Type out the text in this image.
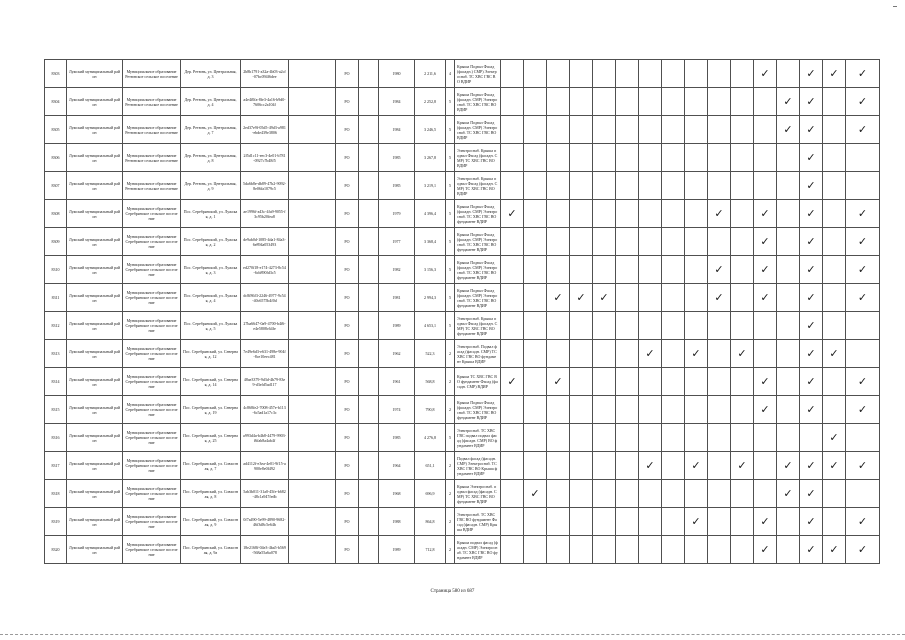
8303	Лужский муниципальный район	Муниципальное образование Ретюнское сельское поселение	Дер. Ретюнь, ул. Центральная, д. 3	2b8b1791-a32a-4b03-a2cf-07bc094f6dee		РО		1980	2 211,6	4	Крыша Подвал Фасад (фасадн.) СМР) Электроснаб. ТС ХВС ГВС ВО ВДИР												✓		✓	✓	✓
8304	Лужский муниципальный район	Муниципальное образование Ретюнское сельское поселение	Дер. Ретюнь, ул. Центральная, д. 4	a4e4f0fa-8fe3-4a16-b9d0-7606cc2a104f		РО		1984	2 252,8	5	Крыша Подвал Фасад (фасадн. СМР) Электроснаб. ТС ХВС ГВС ВО ВДИР													✓	✓		✓
8305	Лужский муниципальный район	Муниципальное образование Ретюнское сельское поселение	Дер. Ретюнь, ул. Центральная, д. 7	2ed37e9f-05d5-49d3-a981-ebde439e3806		РО		1984	3 246,5	5	Крыша Подвал Фасад (фасадн. СМР) Электроснаб. ТС ХВС ГВС ВО ВДИР													✓	✓		✓
8306	Лужский муниципальный район	Муниципальное образование Ретюнское сельское поселение	Дер. Ретюнь, ул. Центральная, д. 8	2f5d1c11-eec3-4e01-b781-0927c7b48f5		РО		1985	3 267,8	5	Электроснаб. Крыша подвал Фасад (фасадн. СМР) ТС ХВС ГВС ВО ВДИР														✓		
8307	Лужский муниципальный район	Муниципальное образование Ретюнское сельское поселение	Дер. Ретюнь, ул. Центральная, д. 9	5da6b8e-db89-47b2-9092-8e06fa1079c5		РО		1985	3 219,1	5	Электроснаб. Крыша подвал Фасад (фасадн. СМР) ТС ХВС ГВС ВО ВДИР														✓		
8308	Лужский муниципальный район	Муниципальное образование Серебрянское сельское поселение	Пос. Серебрянский, ул. Лужская, д. 1	ae1996f-a43c-4fa9-9055-f3c95b20fea8		РО		1979	4 396,4	5	Крыша Подвал Фасад (фасадн. СМР) Электроснаб. ТС ХВС ГВС ВО фундамент ВДИР	✓									✓		✓		✓		✓
8309	Лужский муниципальный район	Муниципальное образование Серебрянское сельское поселение	Пос. Серебрянский, ул. Лужская, д. 2	de9ab0d-1085-4da1-84a3-6e894a053493		РО		1977	3 368,4	5	Крыша Подвал Фасад (фасадн. СМР) Электроснаб. ТС ХВС ГВС ВО фундамент ВДИР												✓		✓		✓
8310	Лужский муниципальный район	Муниципальное образование Серебрянское сельское поселение	Пос. Серебрянский, ул. Лужская, д. 3	ed270f18-e174-4273-8c54-6cb890fd3c5		РО		1982	3 156,3	5	Крыша Подвал Фасад (фасадн. СМР) Электроснаб. ТС ХВС ГВС ВО фундамент ВДИР										✓		✓		✓		✓
8311	Лужский муниципальный район	Муниципальное образование Серебрянское сельское поселение	Пос. Серебрянский, ул. Лужская, д. 4	dc8f86f3-2246-4977-9c54-40c6575b4f0d		РО		1981	2 994,3	5	Крыша Подвал Фасад (фасадн. СМР) Электроснаб. ТС ХВС ГВС ВО фундамент ВДИР			✓	✓	✓					✓		✓		✓		✓
8312	Лужский муниципальный район	Муниципальное образование Серебрянское сельское поселение	Пос. Серебрянский, ул. Лужская, д. 5	27ba6647-0a9-4700-b4f6-e4e5808c64fe		РО		1989	4 653,1	5	Электроснаб. Крыша подвал Фасад (фасадн. СМР) ТС ХВС ГВС ВО фундамент ВДИР														✓		
8313	Лужский муниципальный район	Муниципальное образование Серебрянское сельское поселение	Пос. Серебрянский, ул. Северная, д. 12	7e49e6d3-e631-498e-904f-8ce10eec481		РО		1962	522,3	2	Электроснаб. Подвал фасад (фасадн. СМР) ТС ХВС ГВС ВО фундамент Крыша ВДИР							✓		✓		✓			✓	✓	
8314	Лужский муниципальный район	Муниципальное образование Серебрянское сельское поселение	Пос. Серебрянский, ул. Северная, д. 14	48ae3379-9d3d-4b79-83e9-d3efd5ad117		РО		1961	568,8	2	Крыша ТС ХВС ГВС ВО фундамент Фасад (фасадн. СМР) ВДИР	✓		✓									✓		✓		✓
8315	Лужский муниципальный район	Муниципальное образование Серебрянское сельское поселение	Пос. Серебрянский, ул. Северная, д. 19	4c868fe2-7008-457e-b113-6c5ad1a17c3c		РО		1974	790,8	2	Крыша Подвал Фасад (фасадн. СМР) Электроснаб. ТС ХВС ГВС ВО фундамент ВДИР												✓		✓		✓
8316	Лужский муниципальный район	Муниципальное образование Серебрянское сельское поселение	Пос. Серебрянский, ул. Северная, д. 25	a993d4a-b4b8-4479-9903-f6fab8a4ab4f		РО		1985	4 276,8	5	Электроснаб. ТС ХВС ГВС подвал подвал фасад (фасадн. СМР) ВО фундамент ВДИР															✓	
8317	Лужский муниципальный район	Муниципальное образование Серебрянское сельское поселение	Пос. Серебрянский, ул. Совхозная, д. 7	ad4112f-e3ea-4e01-9f15-a900e8e0f492		РО		1964	651,1	2	Подвал фасад (фасадн. СМР) Электроснаб. ТС ХВС ГВС ВО Крыша фундамент ВДИР							✓		✓		✓		✓	✓	✓	✓
8318	Лужский муниципальный район	Муниципальное образование Серебрянское сельское поселение	Пос. Серебрянский, ул. Совхозная, д. 8	5ab3b011-31a0-45fe-b682-48c1a947fedb		РО		1968	696,9	2	Крыша Электроснаб. подвал фасад (фасадн. СМР) ТС ХВС ГВС ВО фундамент ВДИР		✓											✓	✓		
8319	Лужский муниципальный район	Муниципальное образование Серебрянское сельское поселение	Пос. Серебрянский, ул. Совхозная, д. 9	0f7a490-5e99-4890-9682-46f3d8c5e64b		РО		1988	864,8	2	Электроснаб. ТС ХВС ГВС ВО фундамент Фасад (фасадн. СМР) Крыша ВДИР									✓			✓		✓		✓
8320	Лужский муниципальный район	Муниципальное образование Серебрянское сельское поселение	Пос. Серебрянский, ул. Совхозная, д. 9а	18e2168f-04e3-4ba5-b569-568a55a6a078		РО		1989	712,8	2	Крыша подвал фасад (фасадн. СМР) Электроснаб. ТС ХВС ГВС ВО фундамент ВДИР												✓		✓	✓	✓
Страница 580 из 687
